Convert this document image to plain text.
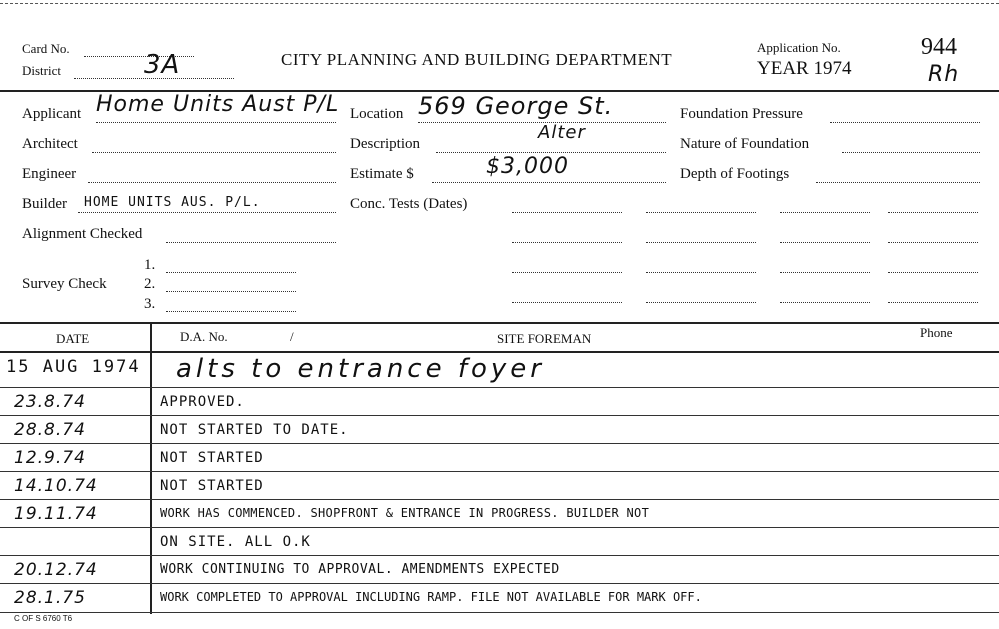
Card No.
District	3A	CITY PLANNING AND BUILDING DEPARTMENT
Application No.
YEAR 1974
944
Rh
Applicant Home Units Aust P/L
Architect
Engineer
Builder HOME UNITS AUS. P/L.
Alignment Checked
1.
Survey Check 2.
3.
Location 569 George St.
Description
Alter
Estimate $	$3,000
Conc. Tests (Dates)
Foundation Pressure
Nature of Foundation
Depth of Footings
DATE	D.A. No.	/	SITE FOREMAN	Phone
15 AUG 1974 alts to entrance foyer
23.8.74	APPROVED.
28.8.74	NOT STARTED TO DATE.
12.9.74	NOT STARTED
14.10.74	NOT STARTED
19.11.74	WORK HAS COMMENCED. SHOPFRONT & ENTRANCE IN PROGRESS. BUILDER NOT
ON SITE. ALL O.K
20.12.74	WORK CONTINUING TO APPROVAL. AMENDMENTS EXPECTED
28.1.75	WORK COMPLETED TO APPROVAL INCLUDING RAMP. FILE NOT AVAILABLE FOR MARK OFF.
C OF S 6760 T6
